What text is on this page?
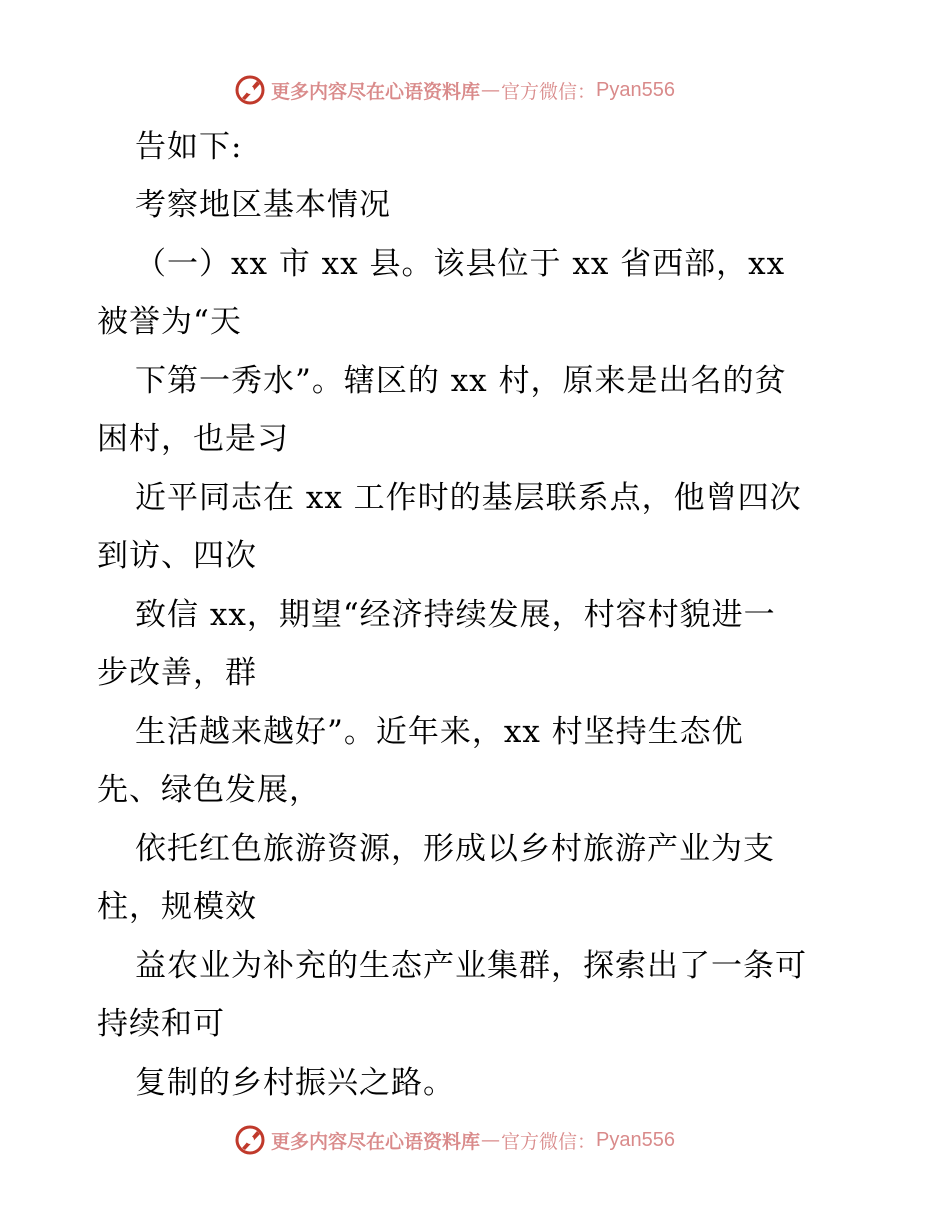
更多内容尽在心语资料库 — 官方微信： Pyan556
告如下:
考察地区基本情况
（一）xx 市 xx 县。该县位于 xx 省西部，xx
被誉为“天
下第一秀水”。辖区的 xx 村，原来是出名的贫
困村，也是习
近平同志在 xx 工作时的基层联系点，他曾四次
到访、四次
致信 xx，期望“经济持续发展，村容村貌进一
步改善，群
生活越来越好”。近年来，xx 村坚持生态优
先、绿色发展，
依托红色旅游资源，形成以乡村旅游产业为支
柱，规模效
益农业为补充的生态产业集群，探索出了一条可
持续和可
复制的乡村振兴之路。
更多内容尽在心语资料库 — 官方微信： Pyan556
